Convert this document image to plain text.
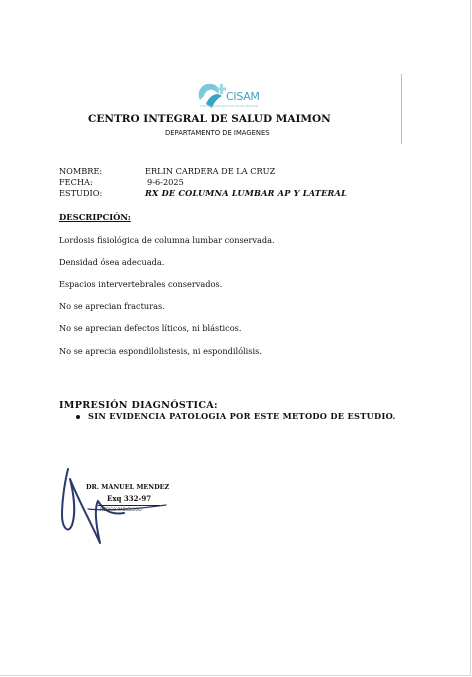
CISAM
CENTRO INTEGRAL DE SALUD MAIMON
CENTRO INTEGRAL DE SALUD MAIMON
DEPARTAMENTO DE IMAGENES
NOMBRE:	ERLIN CARDERA DE LA CRUZ
FECHA:	9-6-2025
ESTUDIO:	RX DE COLUMNA LUMBAR AP Y LATERAL
DESCRIPCIÓN:
Lordosis fisiológica de columna lumbar conservada.
Densidad ósea adecuada.
Espacios intervertebrales conservados.
No se aprecian fracturas.
No se aprecian defectos líticos, ni blásticos.
No se aprecia espondilolistesis, ni espondilólisis.
IMPRESIÓN DIAGNÓSTICA:
SIN EVIDENCIA PATOLOGIA POR ESTE METODO DE ESTUDIO.
DR. MANUEL MENDEZ
Exq 332-97
MÉDICO RADIÓLOGO
